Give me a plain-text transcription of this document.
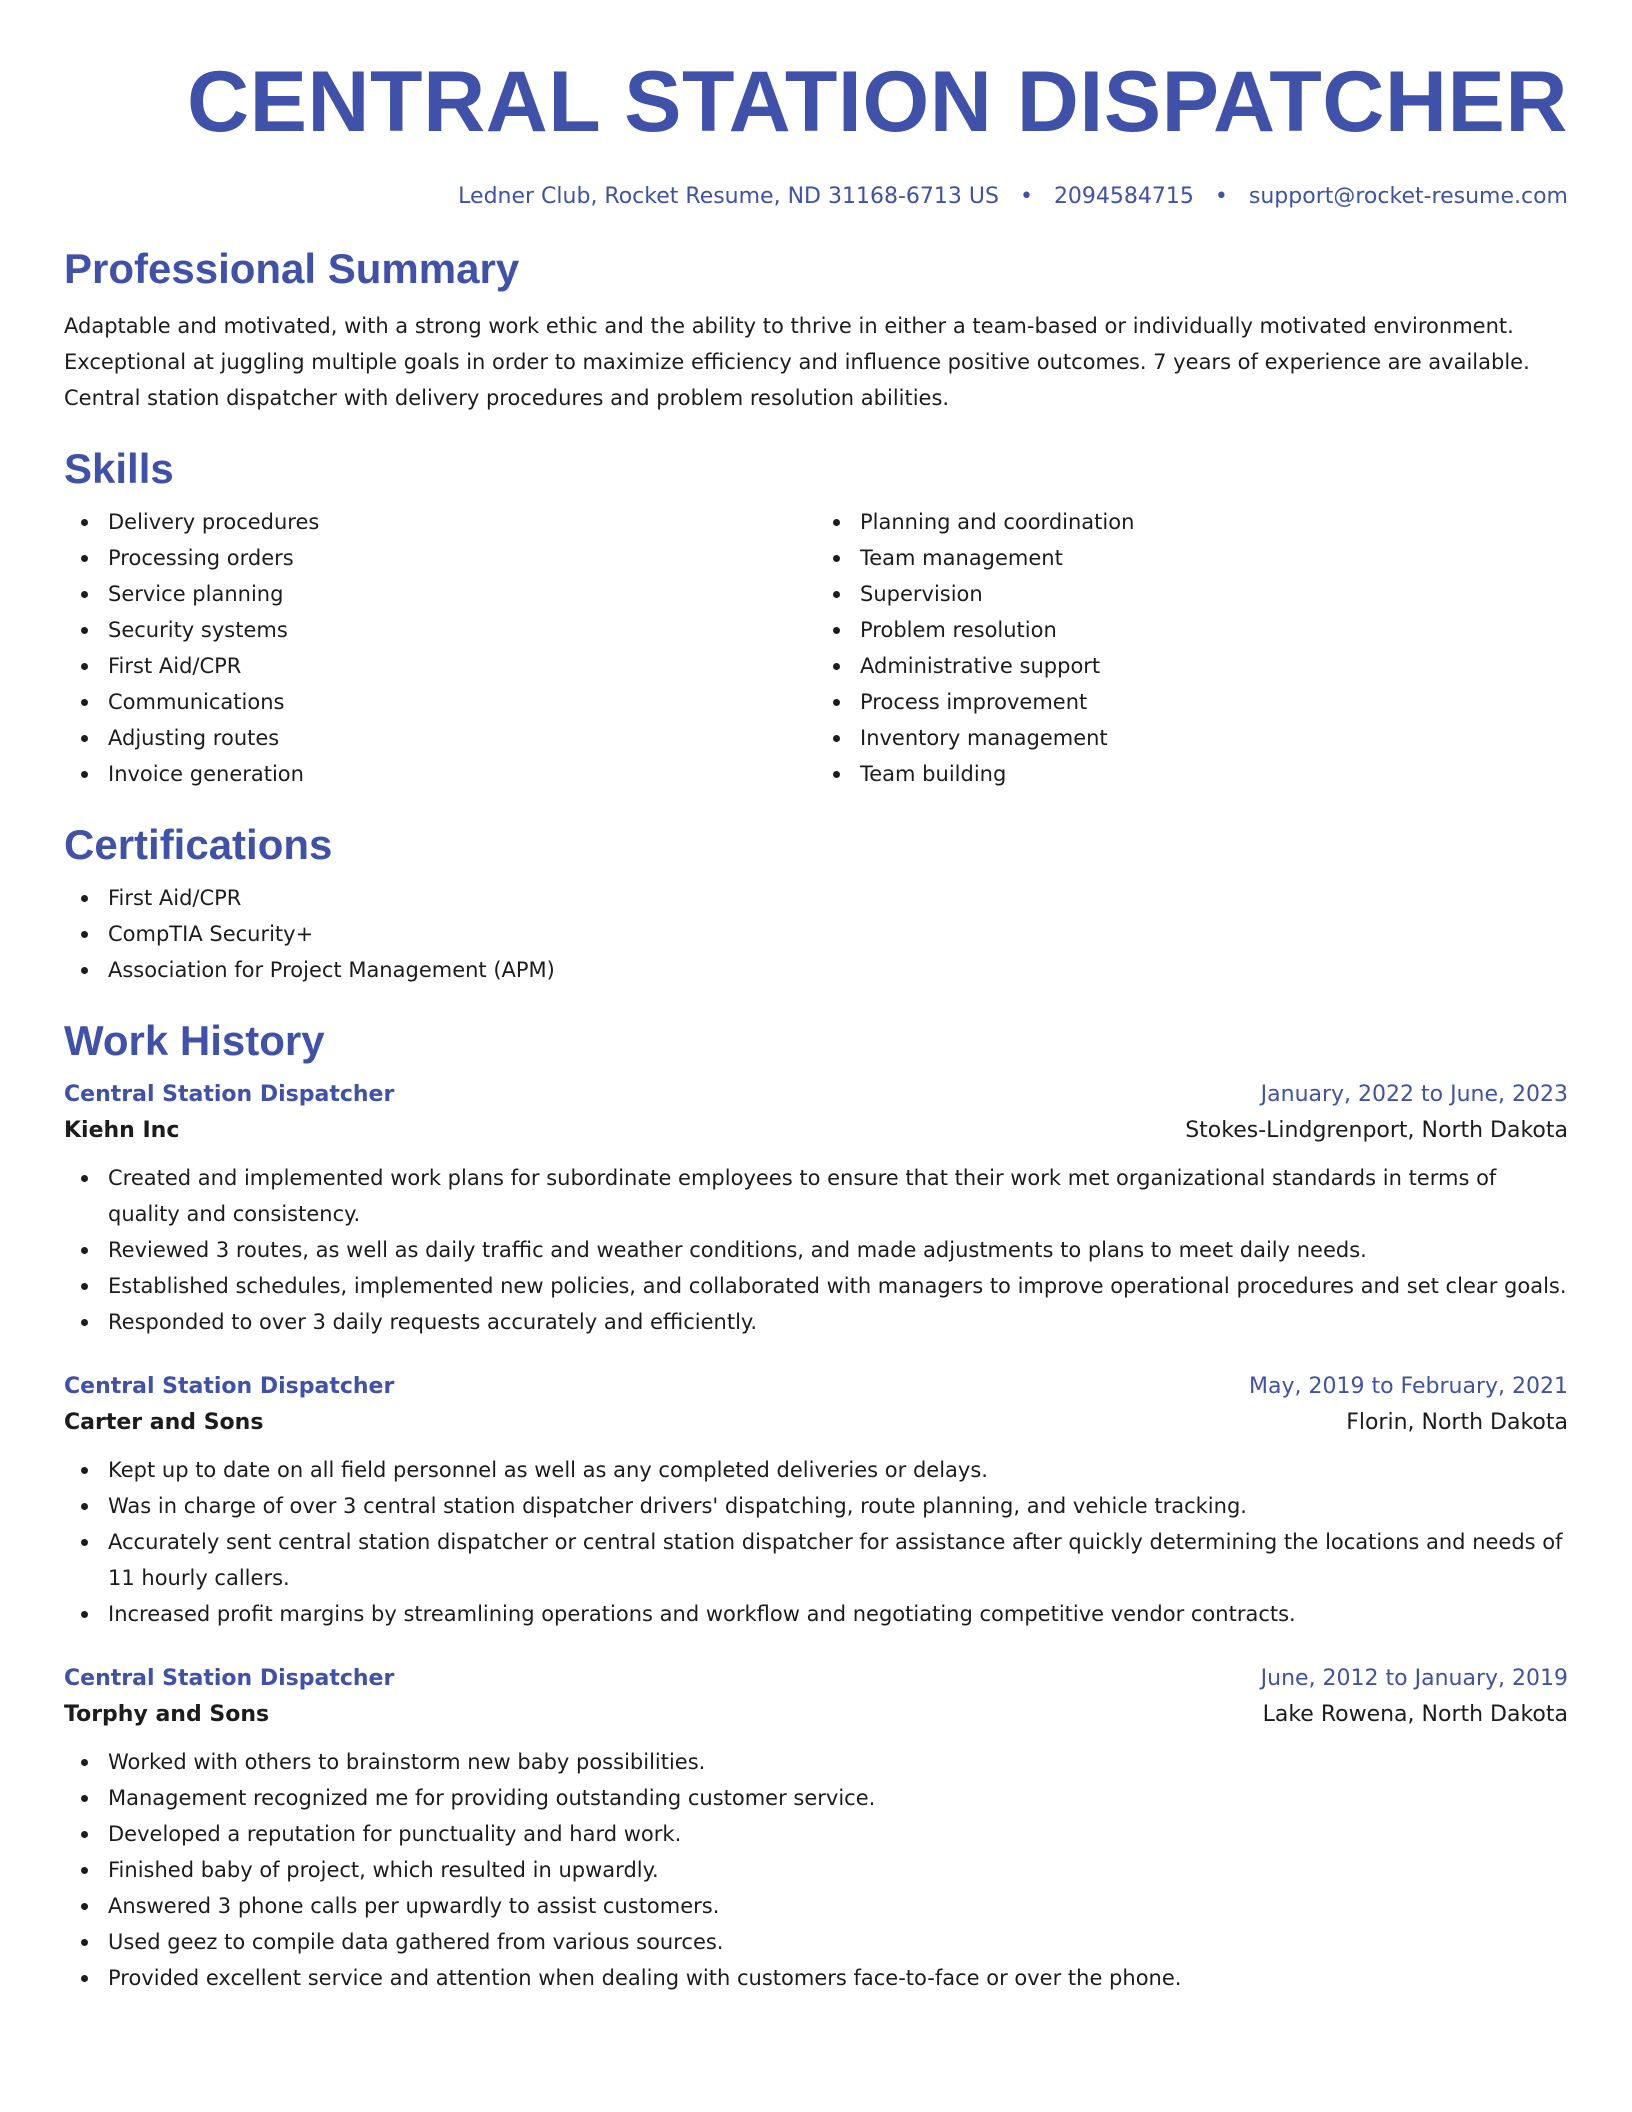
CENTRAL STATION DISPATCHER
Ledner Club, Rocket Resume, ND 31168-6713 US • 2094584715 • support@rocket-resume.com
Professional Summary
Adaptable and motivated, with a strong work ethic and the ability to thrive in either a team-based or individually motivated environment. Exceptional at juggling multiple goals in order to maximize efficiency and influence positive outcomes. 7 years of experience are available. Central station dispatcher with delivery procedures and problem resolution abilities.
Skills
Delivery procedures
Processing orders
Service planning
Security systems
First Aid/CPR
Communications
Adjusting routes
Invoice generation
Planning and coordination
Team management
Supervision
Problem resolution
Administrative support
Process improvement
Inventory management
Team building
Certifications
First Aid/CPR
CompTIA Security+
Association for Project Management (APM)
Work History
Central Station Dispatcher	January, 2022 to June, 2023
Kiehn Inc	Stokes-Lindgrenport, North Dakota
Created and implemented work plans for subordinate employees to ensure that their work met organizational standards in terms of quality and consistency.
Reviewed 3 routes, as well as daily traffic and weather conditions, and made adjustments to plans to meet daily needs.
Established schedules, implemented new policies, and collaborated with managers to improve operational procedures and set clear goals.
Responded to over 3 daily requests accurately and efficiently.
Central Station Dispatcher	May, 2019 to February, 2021
Carter and Sons	Florin, North Dakota
Kept up to date on all field personnel as well as any completed deliveries or delays.
Was in charge of over 3 central station dispatcher drivers' dispatching, route planning, and vehicle tracking.
Accurately sent central station dispatcher or central station dispatcher for assistance after quickly determining the locations and needs of 11 hourly callers.
Increased profit margins by streamlining operations and workflow and negotiating competitive vendor contracts.
Central Station Dispatcher	June, 2012 to January, 2019
Torphy and Sons	Lake Rowena, North Dakota
Worked with others to brainstorm new baby possibilities.
Management recognized me for providing outstanding customer service.
Developed a reputation for punctuality and hard work.
Finished baby of project, which resulted in upwardly.
Answered 3 phone calls per upwardly to assist customers.
Used geez to compile data gathered from various sources.
Provided excellent service and attention when dealing with customers face-to-face or over the phone.
